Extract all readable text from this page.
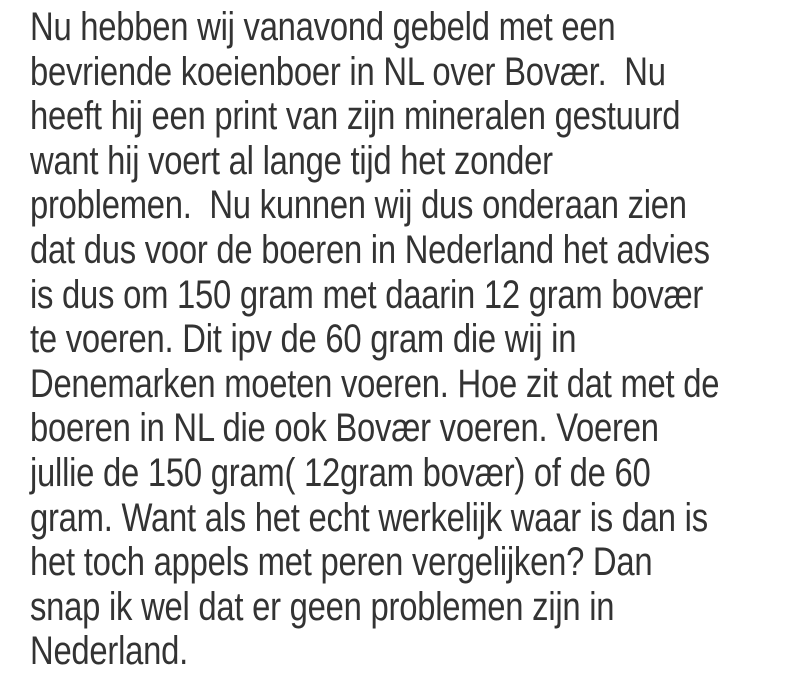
Nu hebben wij vanavond gebeld met een
bevriende koeienboer in NL over Bovær.  Nu
heeft hij een print van zijn mineralen gestuurd
want hij voert al lange tijd het zonder
problemen.  Nu kunnen wij dus onderaan zien
dat dus voor de boeren in Nederland het advies
is dus om 150 gram met daarin 12 gram bovær
te voeren. Dit ipv de 60 gram die wij in
Denemarken moeten voeren. Hoe zit dat met de
boeren in NL die ook Bovær voeren. Voeren
jullie de 150 gram( 12gram bovær) of de 60
gram. Want als het echt werkelijk waar is dan is
het toch appels met peren vergelijken? Dan
snap ik wel dat er geen problemen zijn in
Nederland.
